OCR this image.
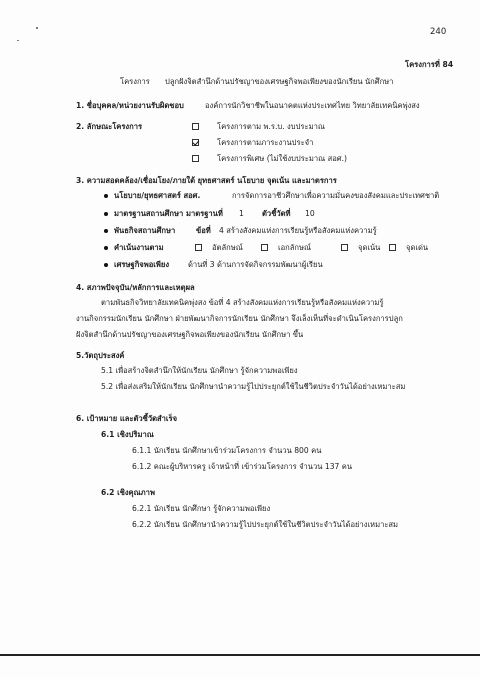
240
โครงการที่ 84
โครงการ ปลูกฝังจิตสำนึกด้านปรัชญาของเศรษฐกิจพอเพียงของนักเรียน นักศึกษา
1. ชื่อบุคคล/หน่วยงานรับผิดชอบ	องค์การนักวิชาชีพในอนาคตแห่งประเทศไทย วิทยาลัยเทคนิคพุ่งสง
2. ลักษณะโครงการ	โครงการตาม พ.ร.บ. งบประมาณ
โครงการตามภาระงานประจำ
โครงการพิเศษ (ไม่ใช้งบประมาณ สอศ.)
3. ความสอดคล้อง/เชื่อมโยง/ภายใต้ ยุทธศาสตร์ นโยบาย จุดเน้น และมาตรการ
นโยบาย/ยุทธศาสตร์ สอศ.	การจัดการอาชีวศึกษาเพื่อความมั่นคงของสังคมและประเทศชาติ
มาตรฐานสถานศึกษา มาตรฐานที่ 1 ตัวชี้วัดที่ 10
พันธกิจสถานศึกษา	ข้อที่ 4 สร้างสังคมแห่งการเรียนรู้หรือสังคมแห่งความรู้
คำเน้นงานตาม	อัตลักษณ์	เอกลักษณ์	จุดเน้น	จุดเด่น
เศรษฐกิจพอเพียง ด้านที่ 3 ด้านการจัดกิจกรรมพัฒนาผู้เรียน
4. สภาพปัจจุบัน/หลักการและเหตุผล
ตามพันธกิจวิทยาลัยเทคนิคพุ่งสง ข้อที่ 4 สร้างสังคมแห่งการเรียนรู้หรือสังคมแห่งความรู้
งานกิจกรรมนักเรียน นักศึกษา ฝ่ายพัฒนากิจการนักเรียน นักศึกษา จึงเล็งเห็นที่จะดำเนินโครงการปลูก
ฝังจิตสำนึกด้านปรัชญาของเศรษฐกิจพอเพียงของนักเรียน นักศึกษา ขึ้น
5.วัตถุประสงค์
5.1 เพื่อสร้างจิตสำนึกให้นักเรียน นักศึกษา รู้จักความพอเพียง
5.2 เพื่อส่งเสริมให้นักเรียน นักศึกษานำความรู้ไปประยุกต์ใช้ในชีวิตประจำวันได้อย่างเหมาะสม
6. เป้าหมาย และตัวชี้วัดสำเร็จ
6.1 เชิงปริมาณ
6.1.1 นักเรียน นักศึกษาเข้าร่วมโครงการ จำนวน 800 คน
6.1.2 คณะผู้บริหารครู เจ้าหน้าที่ เข้าร่วมโครงการ จำนวน 137 คน
6.2 เชิงคุณภาพ
6.2.1 นักเรียน นักศึกษา รู้จักความพอเพียง
6.2.2 นักเรียน นักศึกษานำความรู้ไปประยุกต์ใช้ในชีวิตประจำวันได้อย่างเหมาะสม
